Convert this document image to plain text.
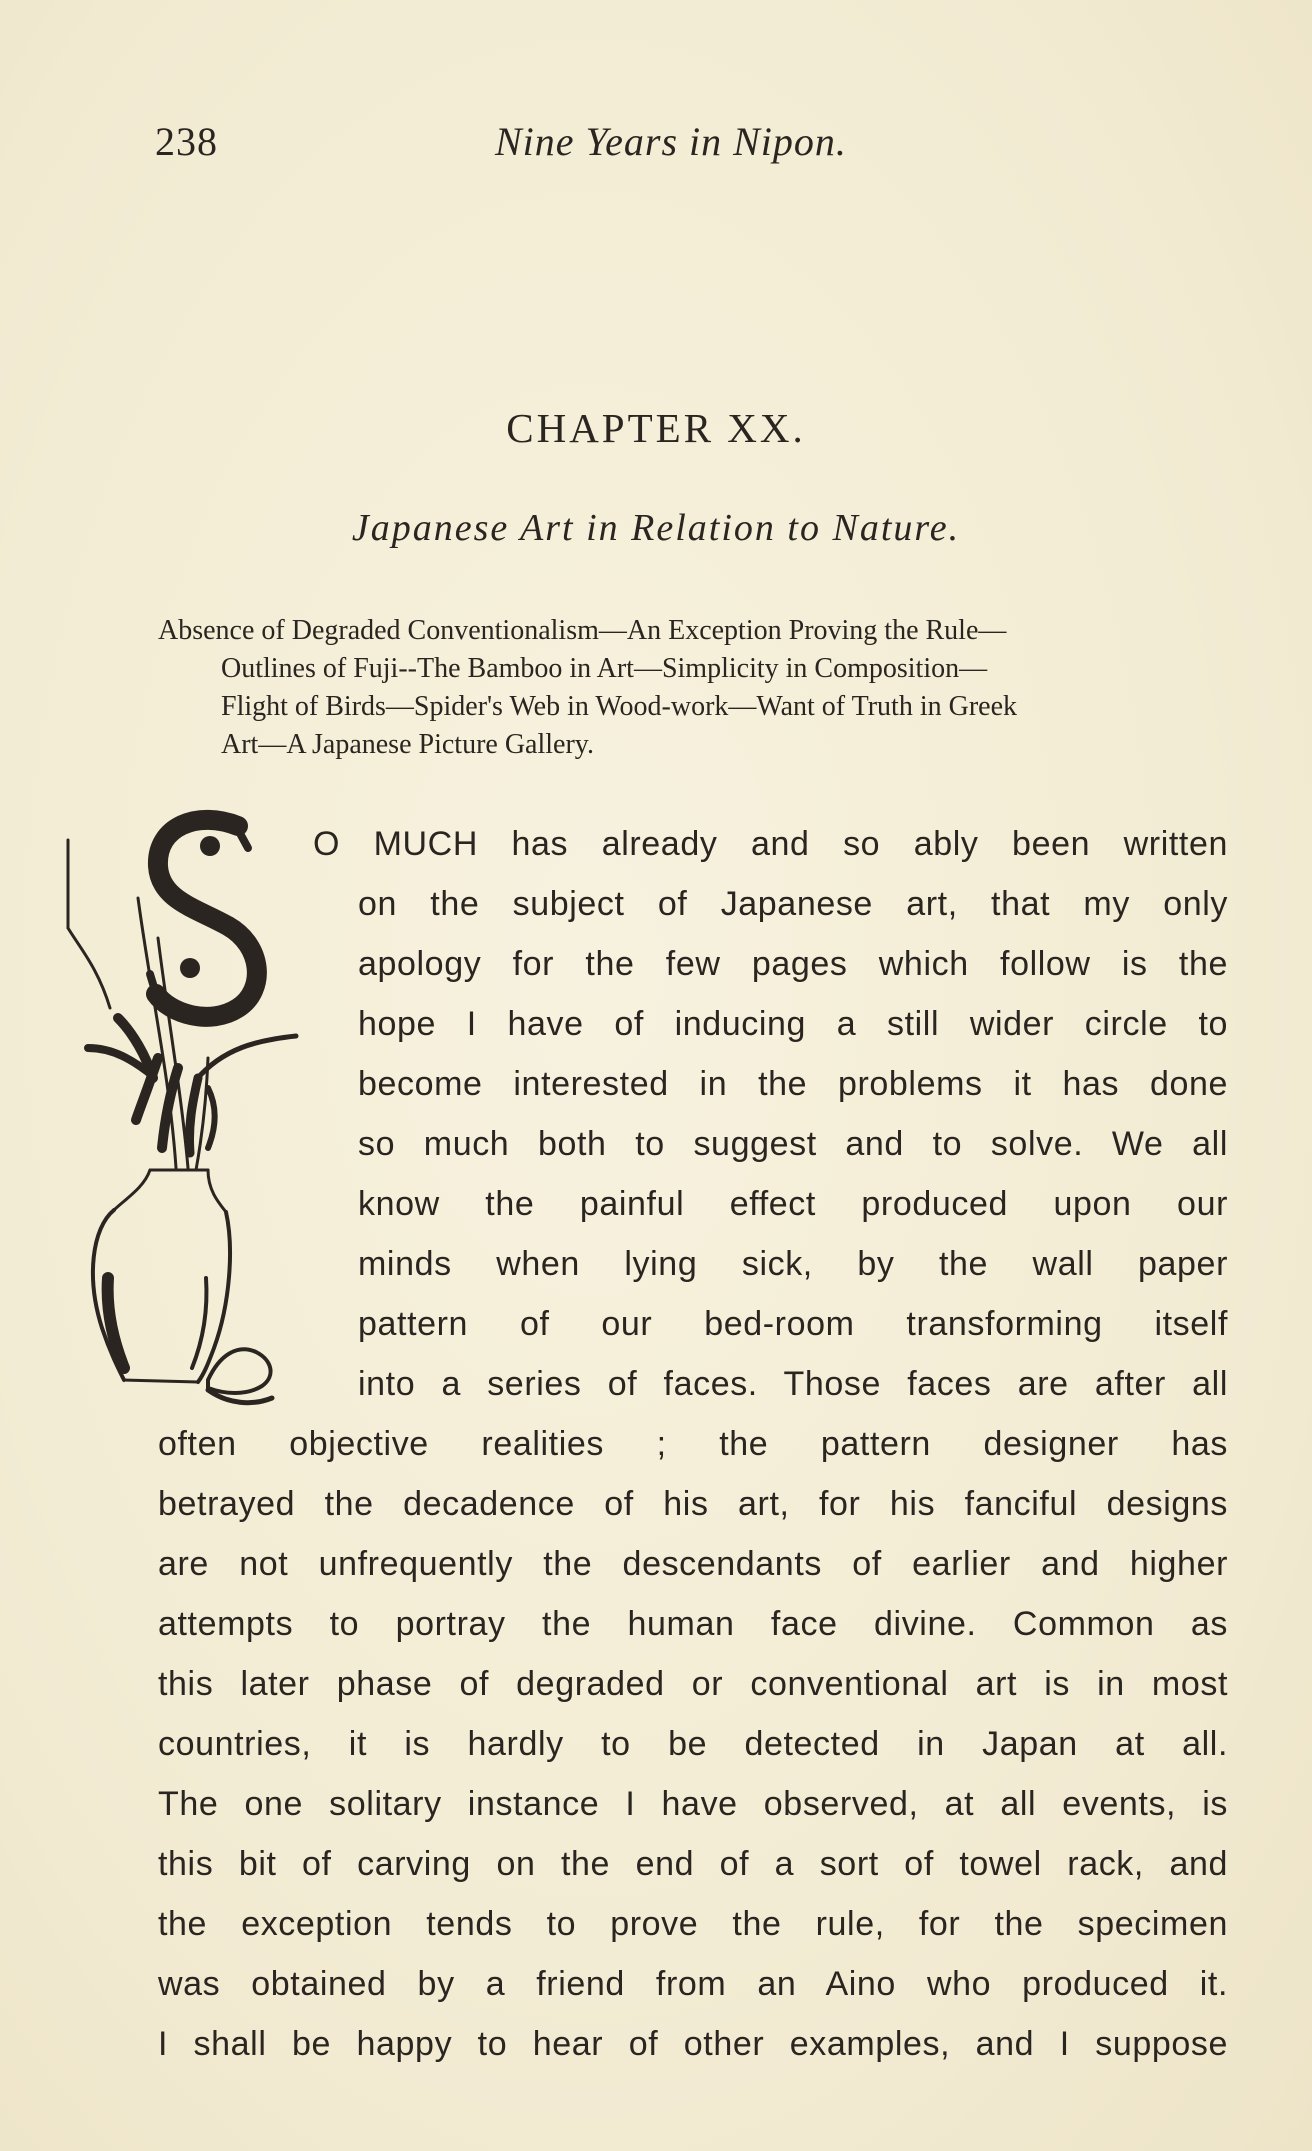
238	Nine Years in Nipon.
CHAPTER XX.
Japanese Art in Relation to Nature.
Absence of Degraded Conventionalism—An Exception Proving the Rule—
Outlines of Fuji--The Bamboo in Art—Simplicity in Composition—
Flight of Birds—Spider's Web in Wood-work—Want of Truth in Greek
Art—A Japanese Picture Gallery.
O MUCH has already and so ably been written
on the subject of Japanese art, that my only
apology for the few pages which follow is the
hope I have of inducing a still wider circle to
become interested in the problems it has done
so much both to suggest and to solve. We all
know the painful effect produced upon our
minds when lying sick, by the wall paper
pattern of our bed-room transforming itself
into a series of faces. Those faces are after all
often objective realities ; the pattern designer has
betrayed the decadence of his art, for his fanciful designs
are not unfrequently the descendants of earlier and higher
attempts to portray the human face divine. Common as
this later phase of degraded or conventional art is in most
countries, it is hardly to be detected in Japan at all.
The one solitary instance I have observed, at all events, is
this bit of carving on the end of a sort of towel rack, and
the exception tends to prove the rule, for the specimen
was obtained by a friend from an Aino who produced it.
I shall be happy to hear of other examples, and I suppose
